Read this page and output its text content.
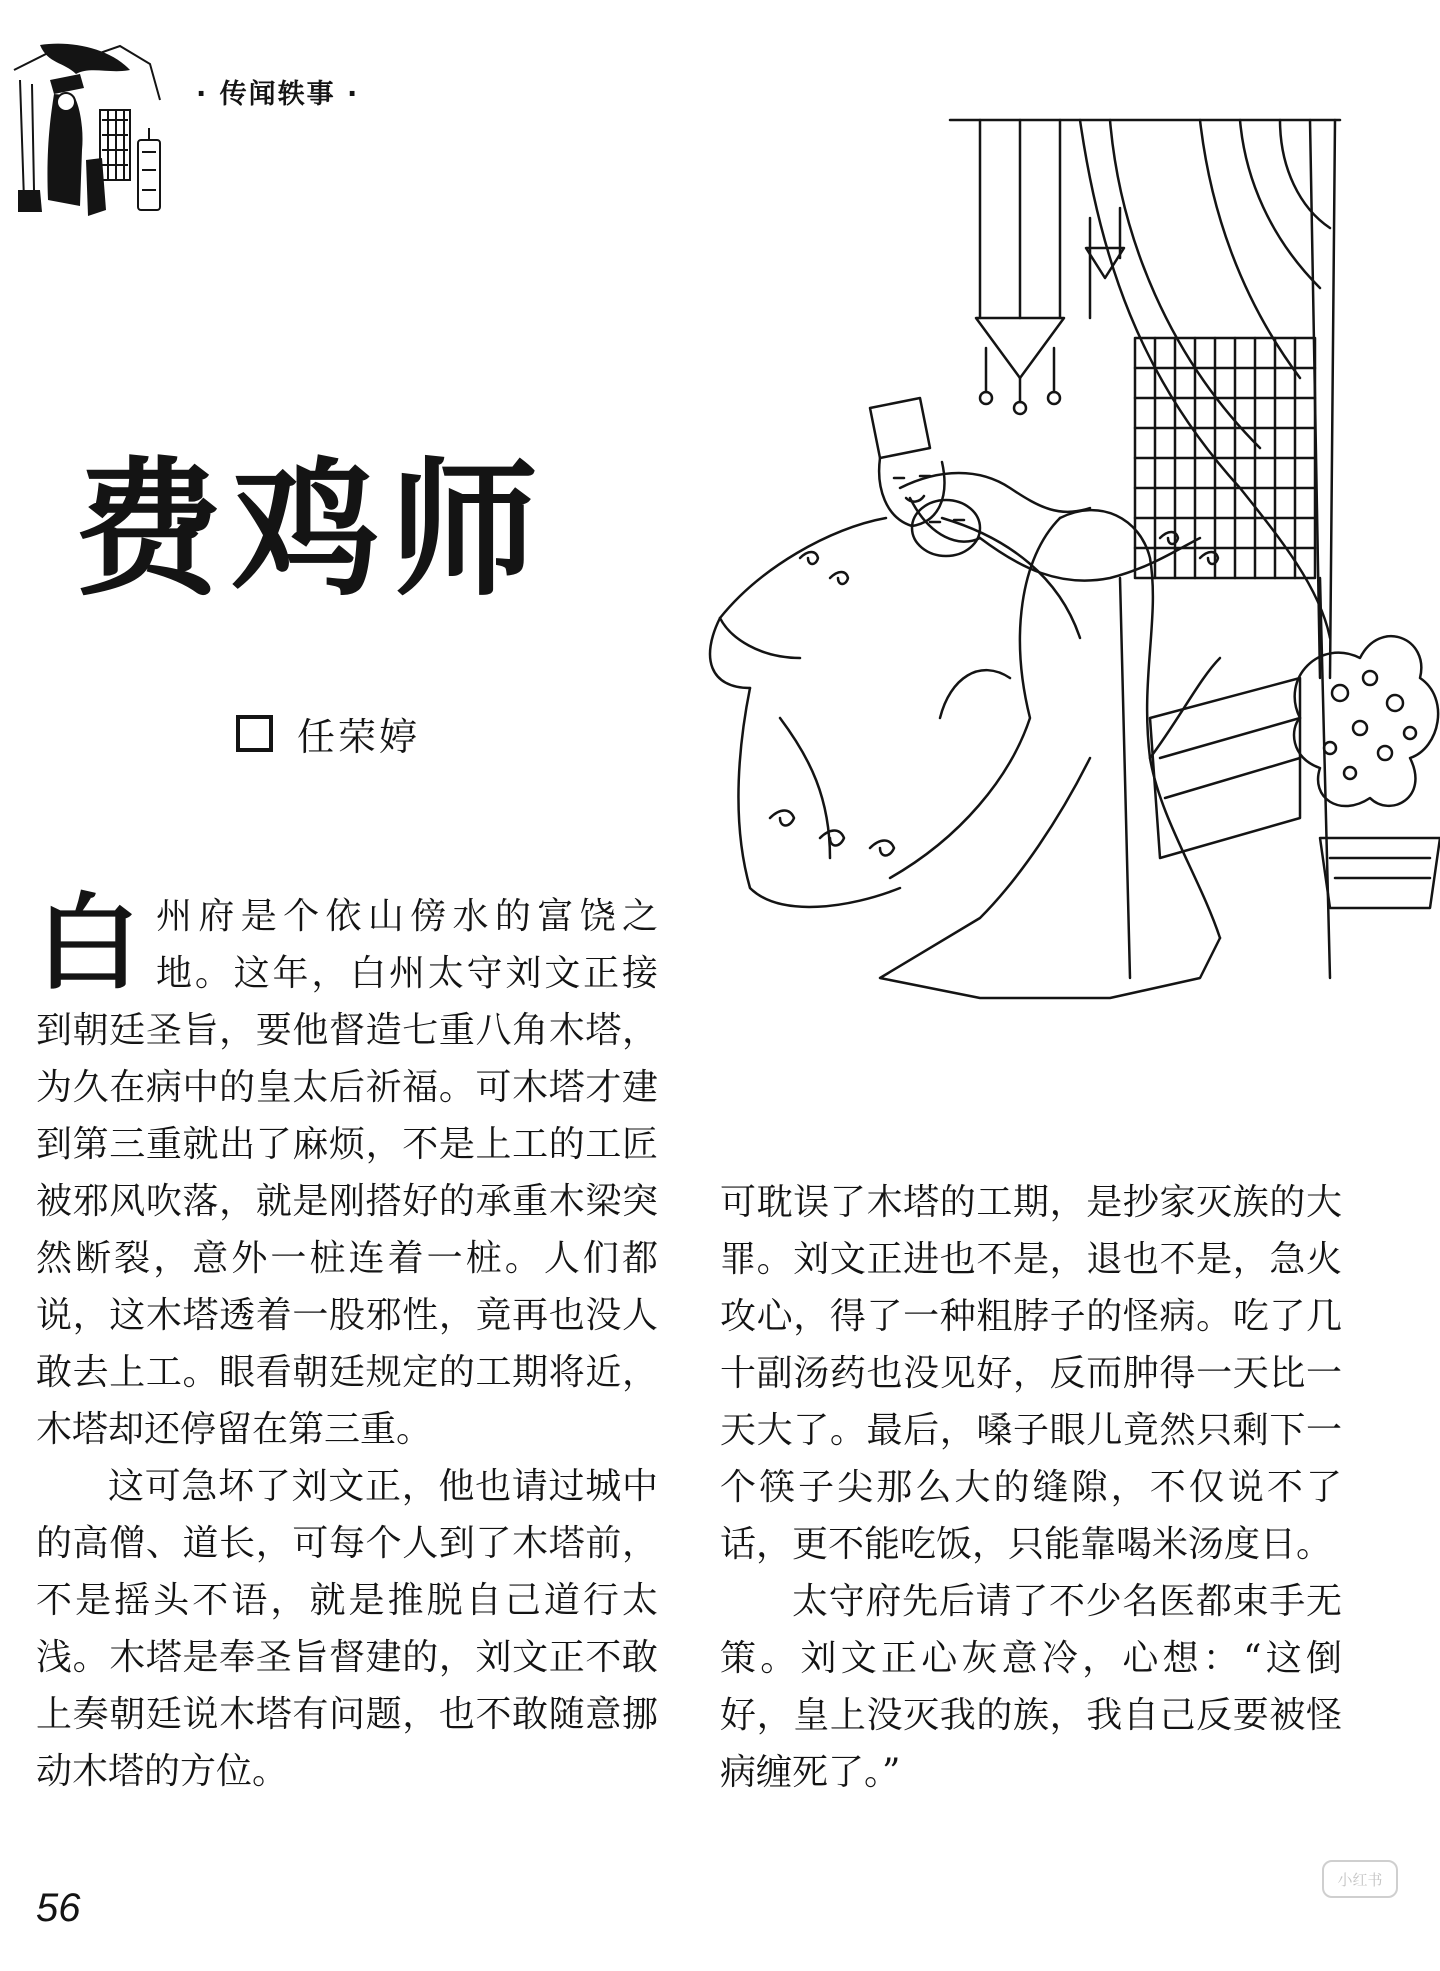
· 传闻轶事 ·
费鸡师
任荣婷

白州府是个依山傍水的富饶之地。这年，白州太守刘文正接到朝廷圣旨，要他督造七重八角木塔，为久在病中的皇太后祈福。可木塔才建到第三重就出了麻烦，不是上工的工匠被邪风吹落，就是刚搭好的承重木梁突然断裂，意外一桩连着一桩。人们都说，这木塔透着一股邪性，竟再也没人敢去上工。眼看朝廷规定的工期将近，木塔却还停留在第三重。

这可急坏了刘文正，他也请过城中的高僧、道长，可每个人到了木塔前，不是摇头不语，就是推脱自己道行太浅。木塔是奉圣旨督建的，刘文正不敢上奏朝廷说木塔有问题，也不敢随意挪动木塔的方位。

可耽误了木塔的工期，是抄家灭族的大罪。刘文正进也不是，退也不是，急火攻心，得了一种粗脖子的怪病。吃了几十副汤药也没见好，反而肿得一天比一天大了。最后，嗓子眼儿竟然只剩下一个筷子尖那么大的缝隙，不仅说不了话，更不能吃饭，只能靠喝米汤度日。

太守府先后请了不少名医都束手无策。刘文正心灰意冷，心想：“这倒好，皇上没灭我的族，我自己反要被怪病缠死了。”

56
小红书
